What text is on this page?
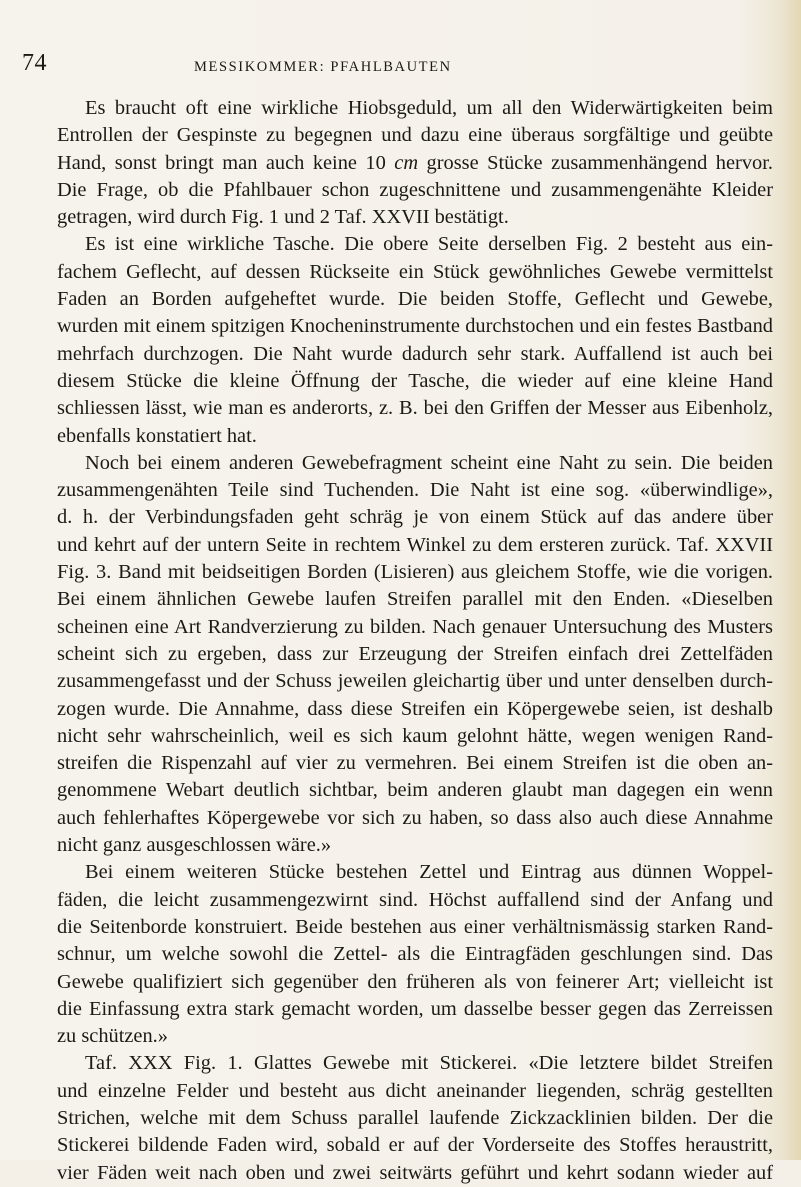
74	MESSIKOMMER: PFAHLBAUTEN
Es braucht oft eine wirkliche Hiobsgeduld, um all den Widerwärtigkeiten beim
Entrollen der Gespinste zu begegnen und dazu eine überaus sorgfältige und geübte
Hand, sonst bringt man auch keine 10 cm grosse Stücke zusammenhängend hervor.
Die Frage, ob die Pfahlbauer schon zugeschnittene und zusammengenähte Kleider
getragen, wird durch Fig. 1 und 2 Taf. XXVII bestätigt.
Es ist eine wirkliche Tasche. Die obere Seite derselben Fig. 2 besteht aus ein-
fachem Geflecht, auf dessen Rückseite ein Stück gewöhnliches Gewebe vermittelst
Faden an Borden aufgeheftet wurde. Die beiden Stoffe, Geflecht und Gewebe,
wurden mit einem spitzigen Knocheninstrumente durchstochen und ein festes Bastband
mehrfach durchzogen. Die Naht wurde dadurch sehr stark. Auffallend ist auch bei
diesem Stücke die kleine Öffnung der Tasche, die wieder auf eine kleine Hand
schliessen lässt, wie man es anderorts, z. B. bei den Griffen der Messer aus Eibenholz,
ebenfalls konstatiert hat.
Noch bei einem anderen Gewebefragment scheint eine Naht zu sein. Die beiden
zusammengenähten Teile sind Tuchenden. Die Naht ist eine sog. «überwindlige»,
d. h. der Verbindungsfaden geht schräg je von einem Stück auf das andere über
und kehrt auf der untern Seite in rechtem Winkel zu dem ersteren zurück. Taf. XXVII
Fig. 3. Band mit beidseitigen Borden (Lisieren) aus gleichem Stoffe, wie die vorigen.
Bei einem ähnlichen Gewebe laufen Streifen parallel mit den Enden. «Dieselben
scheinen eine Art Randverzierung zu bilden. Nach genauer Untersuchung des Musters
scheint sich zu ergeben, dass zur Erzeugung der Streifen einfach drei Zettelfäden
zusammengefasst und der Schuss jeweilen gleichartig über und unter denselben durch-
zogen wurde. Die Annahme, dass diese Streifen ein Köpergewebe seien, ist deshalb
nicht sehr wahrscheinlich, weil es sich kaum gelohnt hätte, wegen wenigen Rand-
streifen die Rispenzahl auf vier zu vermehren. Bei einem Streifen ist die oben an-
genommene Webart deutlich sichtbar, beim anderen glaubt man dagegen ein wenn
auch fehlerhaftes Köpergewebe vor sich zu haben, so dass also auch diese Annahme
nicht ganz ausgeschlossen wäre.»
Bei einem weiteren Stücke bestehen Zettel und Eintrag aus dünnen Woppel-
fäden, die leicht zusammengezwirnt sind. Höchst auffallend sind der Anfang und
die Seitenborde konstruiert. Beide bestehen aus einer verhältnismässig starken Rand-
schnur, um welche sowohl die Zettel- als die Eintragfäden geschlungen sind. Das
Gewebe qualifiziert sich gegenüber den früheren als von feinerer Art; vielleicht ist
die Einfassung extra stark gemacht worden, um dasselbe besser gegen das Zerreissen
zu schützen.»
Taf. XXX Fig. 1. Glattes Gewebe mit Stickerei. «Die letztere bildet Streifen
und einzelne Felder und besteht aus dicht aneinander liegenden, schräg gestellten
Strichen, welche mit dem Schuss parallel laufende Zickzacklinien bilden. Der die
Stickerei bildende Faden wird, sobald er auf der Vorderseite des Stoffes heraustritt,
vier Fäden weit nach oben und zwei seitwärts geführt und kehrt sodann wieder auf
